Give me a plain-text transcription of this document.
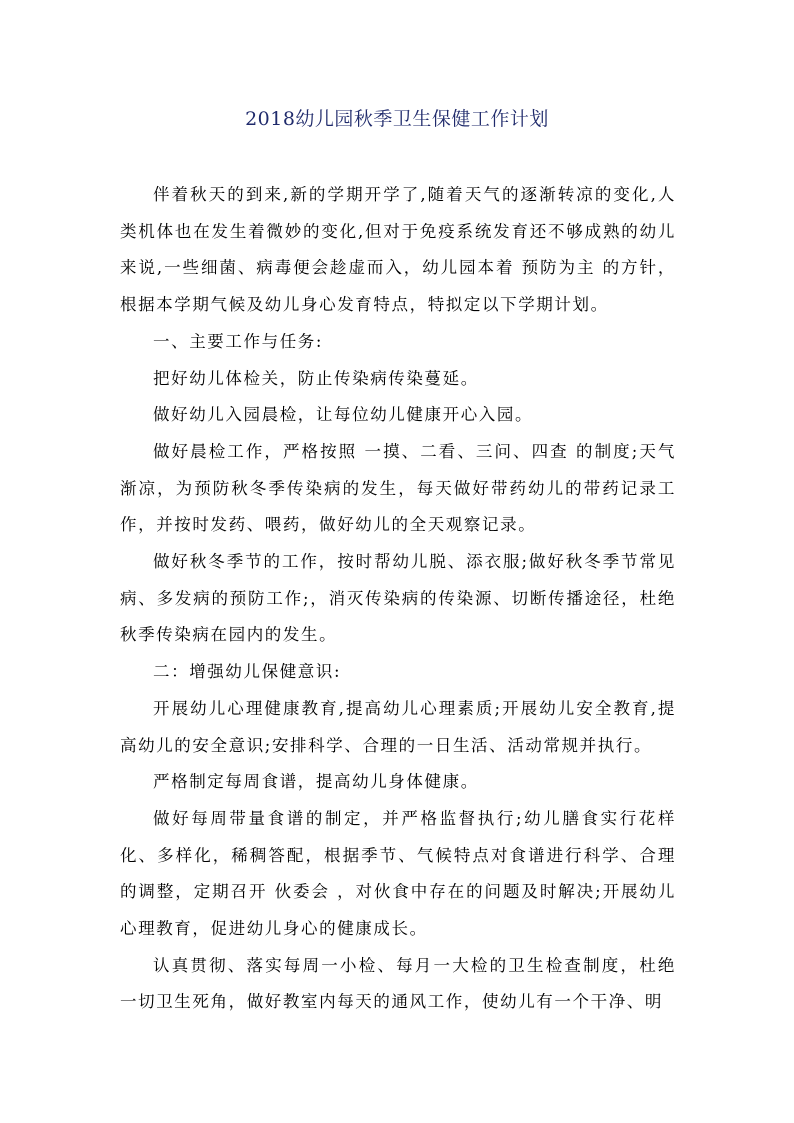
2018幼儿园秋季卫生保健工作计划

伴着秋天的到来,新的学期开学了,随着天气的逐渐转凉的变化,人类机体也在发生着微妙的变化,但对于免疫系统发育还不够成熟的幼儿来说,一些细菌、病毒便会趁虚而入，幼儿园本着 预防为主 的方针，根据本学期气候及幼儿身心发育特点，特拟定以下学期计划。

一、主要工作与任务:

把好幼儿体检关，防止传染病传染蔓延。

做好幼儿入园晨检，让每位幼儿健康开心入园。

做好晨检工作，严格按照 一摸、二看、三问、四查 的制度;天气渐凉，为预防秋冬季传染病的发生，每天做好带药幼儿的带药记录工作，并按时发药、喂药，做好幼儿的全天观察记录。

做好秋冬季节的工作，按时帮幼儿脱、添衣服;做好秋冬季节常见病、多发病的预防工作;，消灭传染病的传染源、切断传播途径，杜绝秋季传染病在园内的发生。

二：增强幼儿保健意识:

开展幼儿心理健康教育,提高幼儿心理素质;开展幼儿安全教育,提高幼儿的安全意识;安排科学、合理的一日生活、活动常规并执行。

严格制定每周食谱，提高幼儿身体健康。

做好每周带量食谱的制定，并严格监督执行;幼儿膳食实行花样化、多样化，稀稠答配，根据季节、气候特点对食谱进行科学、合理的调整，定期召开 伙委会 ，对伙食中存在的问题及时解决;开展幼儿心理教育，促进幼儿身心的健康成长。

认真贯彻、落实每周一小检、每月一大检的卫生检查制度，杜绝一切卫生死角，做好教室内每天的通风工作，使幼儿有一个干净、明
